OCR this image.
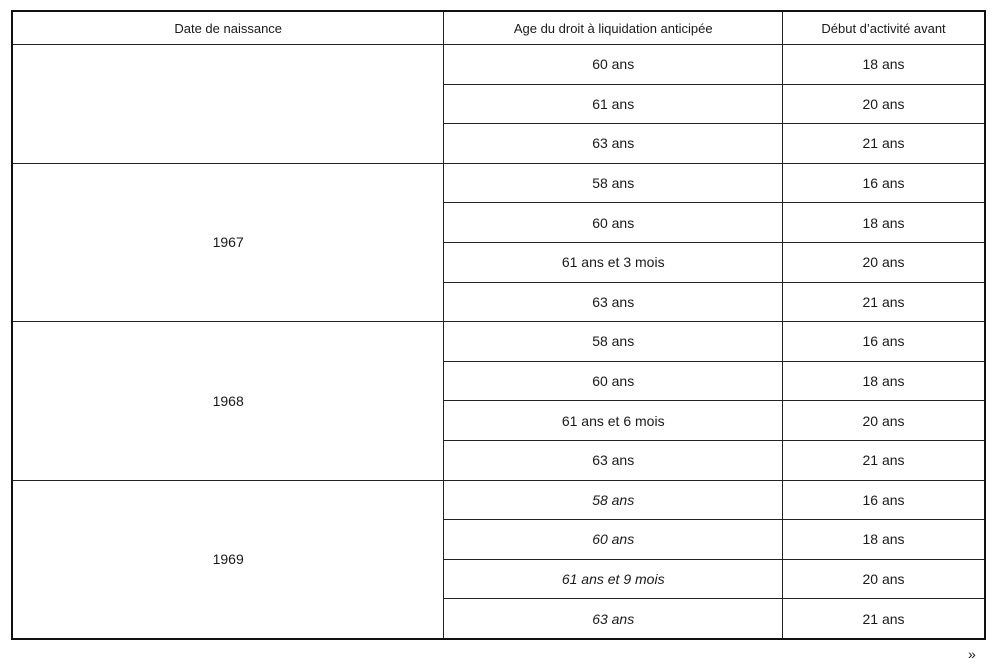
Date de naissance	Age du droit à liquidation anticipée	Début d’activité avant
	60 ans	18 ans
	61 ans	20 ans
	63 ans	21 ans
1967	58 ans	16 ans
	60 ans	18 ans
	61 ans et 3 mois	20 ans
	63 ans	21 ans
1968	58 ans	16 ans
	60 ans	18 ans
	61 ans et 6 mois	20 ans
	63 ans	21 ans
1969	58 ans	16 ans
	60 ans	18 ans
	61 ans et 9 mois	20 ans
	63 ans	21 ans
»
